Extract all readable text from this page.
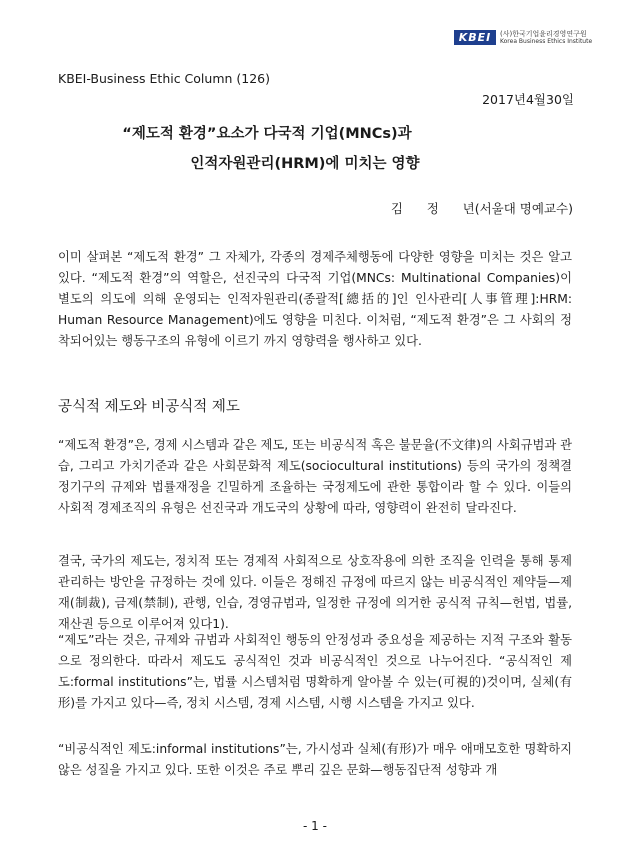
KBEI	(사)한국기업윤리경영연구원
Korea Business Ethics Institute
KBEI-Business Ethic Column (126)
2017년4월30일
“제도적 환경”요소가 다국적 기업(MNCs)과
인적자원관리(HRM)에 미치는 영향
김      정      년(서울대 명예교수)
이미 살펴본 “제도적 환경” 그 자체가, 각종의 경제주체행동에 다양한 영향을 미치는 것은 알고 있다. “제도적 환경”의 역할은, 선진국의 다국적 기업(MNCs: Multinational Companies)이 별도의 의도에 의해 운영되는 인적자원관리(종괄적[總括的]인 인사관리[人事管理]:HRM: Human Resource Management)에도 영향을 미친다. 이처럼, “제도적 환경”은 그 사회의 정착되어있는 행동구조의 유형에 이르기 까지 영향력을 행사하고 있다.
공식적 제도와 비공식적 제도
“제도적 환경”은, 경제 시스템과 같은 제도, 또는 비공식적 혹은 불문율(不文律)의 사회규범과 관습, 그리고 가치기준과 같은 사회문화적 제도(sociocultural institutions) 등의 국가의 정책결정기구의 규제와 법률재정을 긴밀하게 조율하는 국정제도에 관한 통합이라 할 수 있다. 이들의 사회적 경제조직의 유형은 선진국과 개도국의 상황에 따라, 영향력이 완전히 달라진다.
결국, 국가의 제도는, 정치적 또는 경제적 사회적으로 상호작용에 의한 조직을 인력을 통해 통제 관리하는 방안을 규정하는 것에 있다. 이들은 정해진 규정에 따르지 않는 비공식적인 제약들—제재(制裁), 금제(禁制), 관행, 인습, 경영규범과, 일정한 규정에 의거한 공식적 규칙—헌법, 법률, 재산권 등으로 이루어져 있다1).
“제도”라는 것은, 규제와 규범과 사회적인 행동의 안정성과 중요성을 제공하는 지적 구조와 활동으로 정의한다. 따라서 제도도 공식적인 것과 비공식적인 것으로 나누어진다. “공식적인 제도:formal institutions”는, 법률 시스템처럼 명확하게 알아볼 수 있는(可視的)것이며, 실체(有形)를 가지고 있다—즉, 정치 시스템, 경제 시스템, 시행 시스템을 가지고 있다.
“비공식적인 제도:informal institutions”는, 가시성과 실체(有形)가 매우 애매모호한 명확하지 않은 성질을 가지고 있다. 또한 이것은 주로 뿌리 깊은 문화—행동집단적 성향과 개
- 1 -
